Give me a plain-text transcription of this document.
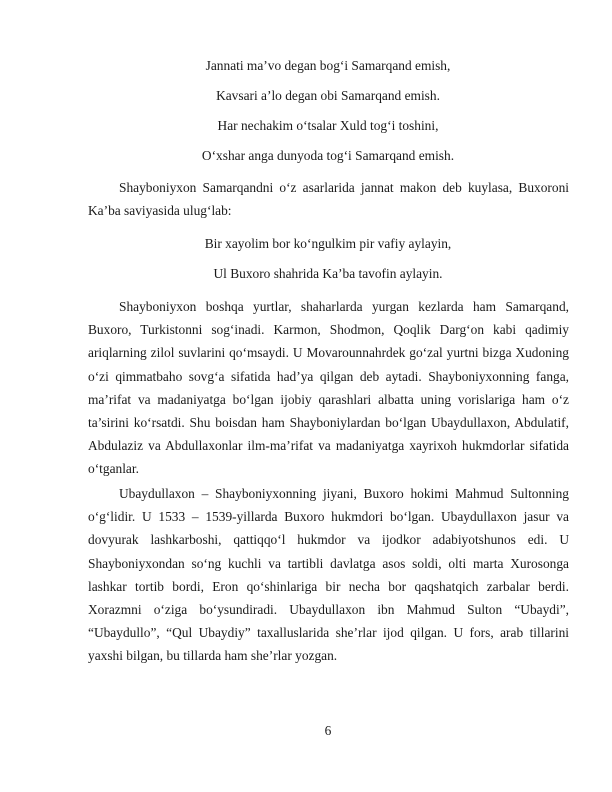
Jannati ma’vo degan bog‘i Samarqand emish,
Kavsari a’lo degan obi Samarqand emish.
Har nechakim o‘tsalar Xuld tog‘i toshini,
O‘xshar anga dunyoda tog‘i Samarqand emish.

Shayboniyxon Samarqandni o‘z asarlarida jannat makon deb kuylasa, Buxoroni Ka’ba saviyasida ulug‘lab:

Bir xayolim bor ko‘ngulkim pir vafiy aylayin,
Ul Buxoro shahrida Ka’ba tavofin aylayin.

Shayboniyxon boshqa yurtlar, shaharlarda yurgan kezlarda ham Samarqand, Buxoro, Turkistonni sog‘inadi. Karmon, Shodmon, Qoqlik Darg‘on kabi qadimiy ariqlarning zilol suvlarini qo‘msaydi. U Movarounnahrdek go‘zal yurtni bizga Xudoning o‘zi qimmatbaho sovg‘a sifatida had’ya qilgan deb aytadi. Shayboniyxonning fanga, ma’rifat va madaniyatga bo‘lgan ijobiy qarashlari albatta uning vorislariga ham o‘z ta’sirini ko‘rsatdi. Shu boisdan ham Shayboniylardan bo‘lgan Ubaydullaxon, Abdulatif, Abdulaziz va Abdullaxonlar ilm-ma’rifat va madaniyatga xayrixoh hukmdorlar sifatida o‘tganlar.

Ubaydullaxon – Shayboniyxonning jiyani, Buxoro hokimi Mahmud Sultonning o‘g‘lidir. U 1533 – 1539-yillarda Buxoro hukmdori bo‘lgan. Ubaydullaxon jasur va dovyurak lashkarboshi, qattiqqo‘l hukmdor va ijodkor adabiyotshunos edi. U Shayboniyxondan so‘ng kuchli va tartibli davlatga asos soldi, olti marta Xurosonga lashkar tortib bordi, Eron qo‘shinlariga bir necha bor qaqshatqich zarbalar berdi. Xorazmni o‘ziga bo‘ysundiradi. Ubaydullaxon ibn Mahmud Sulton “Ubaydi”, “Ubaydullo”, “Qul Ubaydiy” taxalluslarida she’rlar ijod qilgan. U fors, arab tillarini yaxshi bilgan, bu tillarda ham she’rlar yozgan.

6
